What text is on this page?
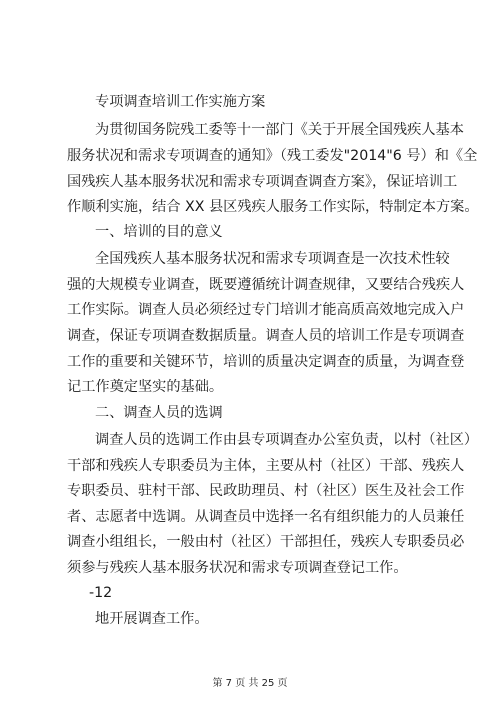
专项调查培训工作实施方案
为贯彻国务院残工委等十一部门《关于开展全国残疾人基本
服务状况和需求专项调查的通知》（残工委发"2014"6 号）和《全
国残疾人基本服务状况和需求专项调查调查方案》，保证培训工
作顺利实施，结合 XX 县区残疾人服务工作实际，特制定本方案。
一、培训的目的意义
全国残疾人基本服务状况和需求专项调查是一次技术性较
强的大规模专业调查，既要遵循统计调查规律，又要结合残疾人
工作实际。调查人员必须经过专门培训才能高质高效地完成入户
调查，保证专项调查数据质量。调查人员的培训工作是专项调查
工作的重要和关键环节，培训的质量决定调查的质量，为调查登
记工作奠定坚实的基础。
二、调查人员的选调
调查人员的选调工作由县专项调查办公室负责，以村（社区）
干部和残疾人专职委员为主体，主要从村（社区）干部、残疾人
专职委员、驻村干部、民政助理员、村（社区）医生及社会工作
者、志愿者中选调。从调查员中选择一名有组织能力的人员兼任
调查小组组长，一般由村（社区）干部担任，残疾人专职委员必
须参与残疾人基本服务状况和需求专项调查登记工作。
-12
地开展调查工作。
第 7 页 共 25 页
